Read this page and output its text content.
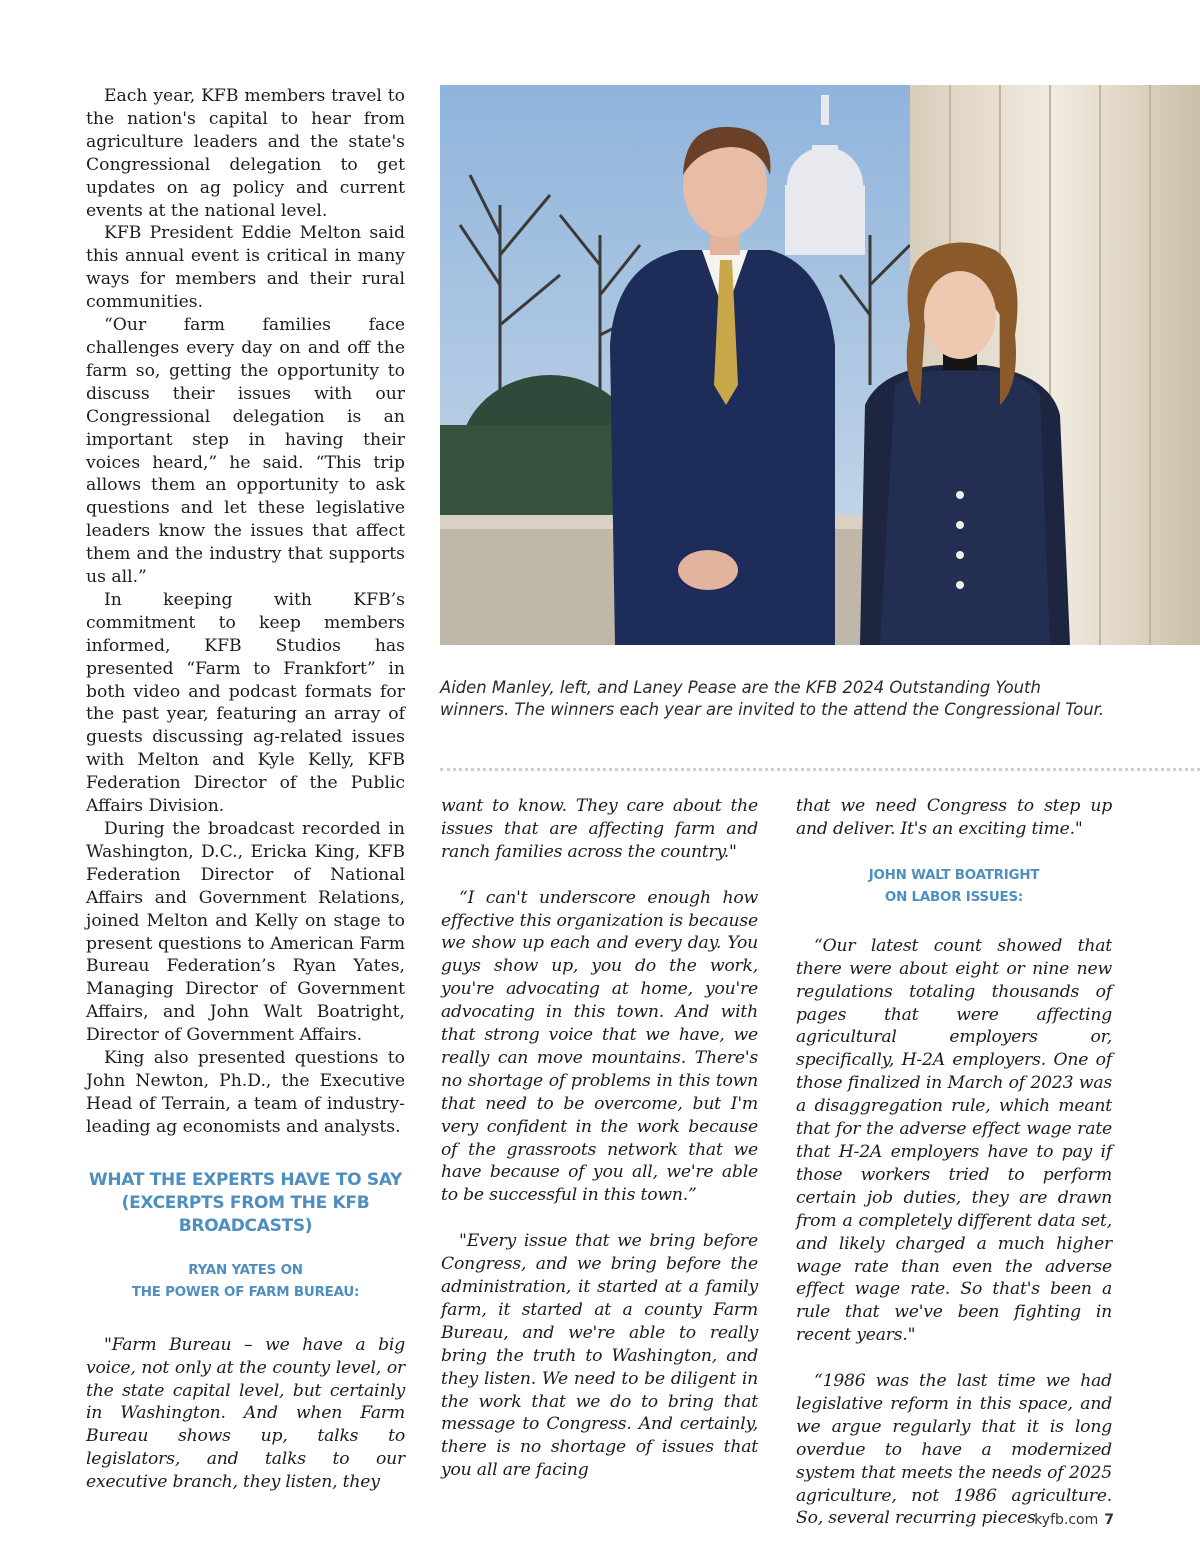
Each year, KFB members travel to the nation's capital to hear from agriculture leaders and the state's Congressional delegation to get updates on ag policy and current events at the national level.

KFB President Eddie Melton said this annual event is critical in many ways for members and their rural communities.

“Our farm families face challenges every day on and off the farm so, getting the opportunity to discuss their issues with our Congressional delegation is an important step in having their voices heard,” he said. “This trip allows them an opportunity to ask questions and let these legislative leaders know the issues that affect them and the industry that supports us all.”

In keeping with KFB’s commitment to keep members informed, KFB Studios has presented “Farm to Frankfort” in both video and podcast formats for the past year, featuring an array of guests discussing ag-related issues with Melton and Kyle Kelly, KFB Federation Director of the Public Affairs Division.

During the broadcast recorded in Washington, D.C., Ericka King, KFB Federation Director of National Affairs and Government Relations, joined Melton and Kelly on stage to present questions to American Farm Bureau Federation’s Ryan Yates, Managing Director of Government Affairs, and John Walt Boatright, Director of Government Affairs.

King also presented questions to John Newton, Ph.D., the Executive Head of Terrain, a team of industry-leading ag economists and analysts.

WHAT THE EXPERTS HAVE TO SAY
(EXCERPTS FROM THE KFB
BROADCASTS)
RYAN YATES ON
THE POWER OF FARM BUREAU:

"Farm Bureau – we have a big voice, not only at the county level, or the state capital level, but certainly in Washington. And when Farm Bureau shows up, talks to legislators, and talks to our executive branch, they listen, they

Aiden Manley, left, and Laney Pease are the KFB 2024 Outstanding Youth winners. The winners each year are invited to the attend the Congressional Tour.

want to know. They care about the issues that are affecting farm and ranch families across the country."

“I can't underscore enough how effective this organization is because we show up each and every day. You guys show up, you do the work, you're advocating at home, you're advocating in this town. And with that strong voice that we have, we really can move mountains. There's no shortage of problems in this town that need to be overcome, but I'm very confident in the work because of the grassroots network that we have because of you all, we're able to be successful in this town.”

"Every issue that we bring before Congress, and we bring before the administration, it started at a family farm, it started at a county Farm Bureau, and we're able to really bring the truth to Washington, and they listen. We need to be diligent in the work that we do to bring that message to Congress. And certainly, there is no shortage of issues that you all are facing

that we need Congress to step up and deliver. It's an exciting time."

JOHN WALT BOATRIGHT
ON LABOR ISSUES:

“Our latest count showed that there were about eight or nine new regulations totaling thousands of pages that were affecting agricultural employers or, specifically, H-2A employers. One of those finalized in March of 2023 was a disaggregation rule, which meant that for the adverse effect wage rate that H-2A employers have to pay if those workers tried to perform certain job duties, they are drawn from a completely different data set, and likely charged a much higher wage rate than even the adverse effect wage rate. So that's been a rule that we've been fighting in recent years."

“1986 was the last time we had legislative reform in this space, and we argue regularly that it is long overdue to have a modernized system that meets the needs of 2025 agriculture, not 1986 agriculture. So, several recurring pieces

kyfb.com 7
